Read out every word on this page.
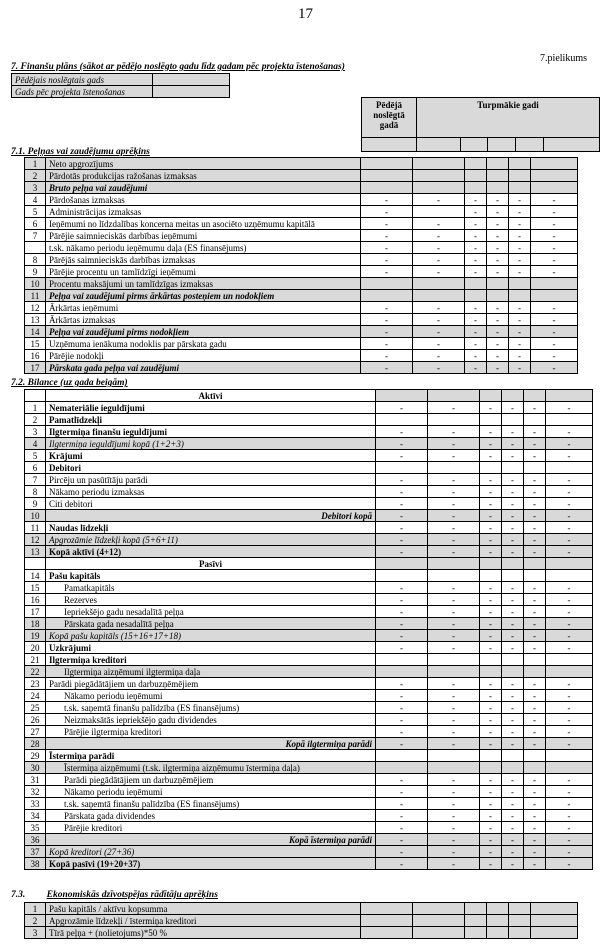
17
7.pielikums
7. Finanšu plāns (sākot ar pēdējo noslēgto gadu līdz gadam pēc projekta īstenošanas)
Pēdējais noslēgtais gads	
Gads pēc projekta īstenošanas	
Pēdējā noslēgtā gadā	Turpmākie gadi				

7.1. Peļņas vai zaudējumu aprēķins
1	Neto apgrozījums						
2	Pārdotās produkcijas ražošanas izmaksas						
3	Bruto peļņa vai zaudējumi						
4	Pārdošanas izmaksas	-	-	-	-	-	-
5	Administrācijas izmaksas	-		-	-	-	-
6	Ieņēmumi no līdzdalības koncerna meitas un asociēto uzņēmumu kapitālā	-	-	-	-	-	-
7	Pārējie saimnieciskās darbības ieņēmumi	-	-	-	-	-	-
	t.sk. nākamo periodu ieņēmumu daļa (ES finansējums)	-	-	-	-	-	-
8	Pārējās saimnieciskās darbības izmaksas	-	-	-	-	-	-
9	Pārējie procentu un tamlīdzīgi ieņēmumi	-	-	-	-	-	-
10	Procentu maksājumi un tamlīdzīgas izmaksas						
11	Peļņa vai zaudējumi pirms ārkārtas posteņiem un nodokļiem						
12	Ārkārtas ieņēmumi	-	-	-	-	-	-
13	Ārkārtas izmaksas	-	-	-	-	-	-
14	Peļņa vai zaudējumi pirms nodokļiem	-	-	-	-	-	-
15	Uzņēmuma ienākuma nodoklis par pārskata gadu	-	-	-	-	-	-
16	Pārējie nodokļi	-	-	-	-	-	-
17	Pārskata gada peļņa vai zaudējumi	-	-	-	-	-	-
7.2. Bilance (uz gada beigām)
	Aktīvi						
1	Nemateriālie ieguldījumi	-	-	-	-	-	-
2	Pamatlīdzekļi						
3	Ilgtermiņa finanšu ieguldījumi	-	-	-	-	-	-
4	Ilgtermiņa ieguldījumi kopā (1+2+3)	-	-	-	-	-	-
5	Krājumi	-	-	-	-	-	-
6	Debitori						
7	Pircēju un pasūtītāju parādi	-	-	-	-	-	-
8	Nākamo periodu izmaksas	-	-	-	-	-	-
9	Citi debitori	-	-	-	-	-	-
10	Debitori kopā	-	-	-	-	-	-
11	Naudas līdzekļi	-	-	-	-	-	-
12	Apgrozāmie līdzekļi kopā (5+6+11)	-	-	-	-	-	-
13	Kopā aktīvi (4+12)	-	-	-	-	-	-
	Pasīvi						
14	Pašu kapitāls						
15	Pamatkapitāls	-	-	-	-	-	-
16	Rezerves	-	-	-	-	-	-
17	Iepriekšējo gadu nesadalītā peļņa	-	-	-	-	-	-
18	Pārskata gada nesadalītā peļņa	-	-	-	-	-	-
19	Kopā pašu kapitāls (15+16+17+18)	-	-	-	-	-	-
20	Uzkrājumi	-	-	-	-	-	-
21	Ilgtermiņa kreditori						
22	Ilgtermiņa aizņēmumi ilgtermiņa daļa						
23	Parādi piegādātājiem un darbuzņēmējiem	-	-	-	-	-	-
24	Nākamo periodu ieņēmumi	-	-	-	-	-	-
25	t.sk. saņemtā finanšu palīdzība (ES finansējums)	-	-	-	-	-	-
26	Neizmaksātās iepriekšējo gadu dividendes	-	-	-	-	-	-
27	Pārējie ilgtermiņa kreditori	-	-	-	-	-	-
28	Kopā ilgtermiņa parādi	-	-	-	-	-	-
29	Īstermiņa parādi						
30	Īstermiņa aizņēmumi (t.sk. ilgtermiņa aizņēmumu īstermiņa daļa)						
31	Parādi piegādātājiem un darbuzņēmējiem	-	-	-	-	-	-
32	Nākamo periodu ieņēmumi	-	-	-	-	-	-
33	t.sk. saņemtā finanšu palīdzība (ES finansējums)	-	-	-	-	-	-
34	Pārskata gada dividendes	-	-	-	-	-	-
35	Pārējie kreditori	-	-	-	-	-	-
36	Kopā īstermiņa parādi	-	-	-	-	-	-
37	Kopā kreditori (27+36)	-	-	-	-	-	-
38	Kopā pasīvi (19+20+37)	-	-	-	-	-	-
7.3. Ekonomiskās dzīvotspējas rādītāju aprēķins
1	Pašu kapitāls / aktīvu kopsumma						
2	Apgrozāmie līdzekļi / īstermiņa kreditori						
3	Tīrā peļņa + (nolietojums)*50 %						
